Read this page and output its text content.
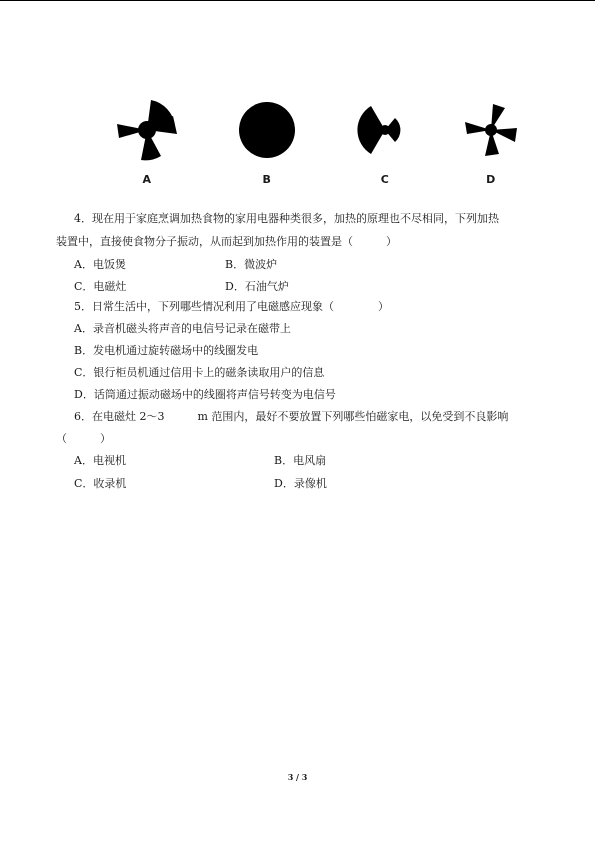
A	B	C	D
4．现在用于家庭烹调加热食物的家用电器种类很多，加热的原理也不尽相同，下列加热
装置中，直接使食物分子振动，从而起到加热作用的装置是（　　　）
A．电饭煲	B．微波炉
C．电磁灶	D．石油气炉
5．日常生活中，下列哪些情况利用了电磁感应现象（　　　　）
A．录音机磁头将声音的电信号记录在磁带上
B．发电机通过旋转磁场中的线圈发电
C．银行柜员机通过信用卡上的磁条读取用户的信息
D．话筒通过振动磁场中的线圈将声信号转变为电信号
6．在电磁灶 2～3　　　m 范围内，最好不要放置下列哪些怕磁家电，以免受到不良影响
（　　　）
A．电视机	B．电风扇
C．收录机	D．录像机
3 / 3
